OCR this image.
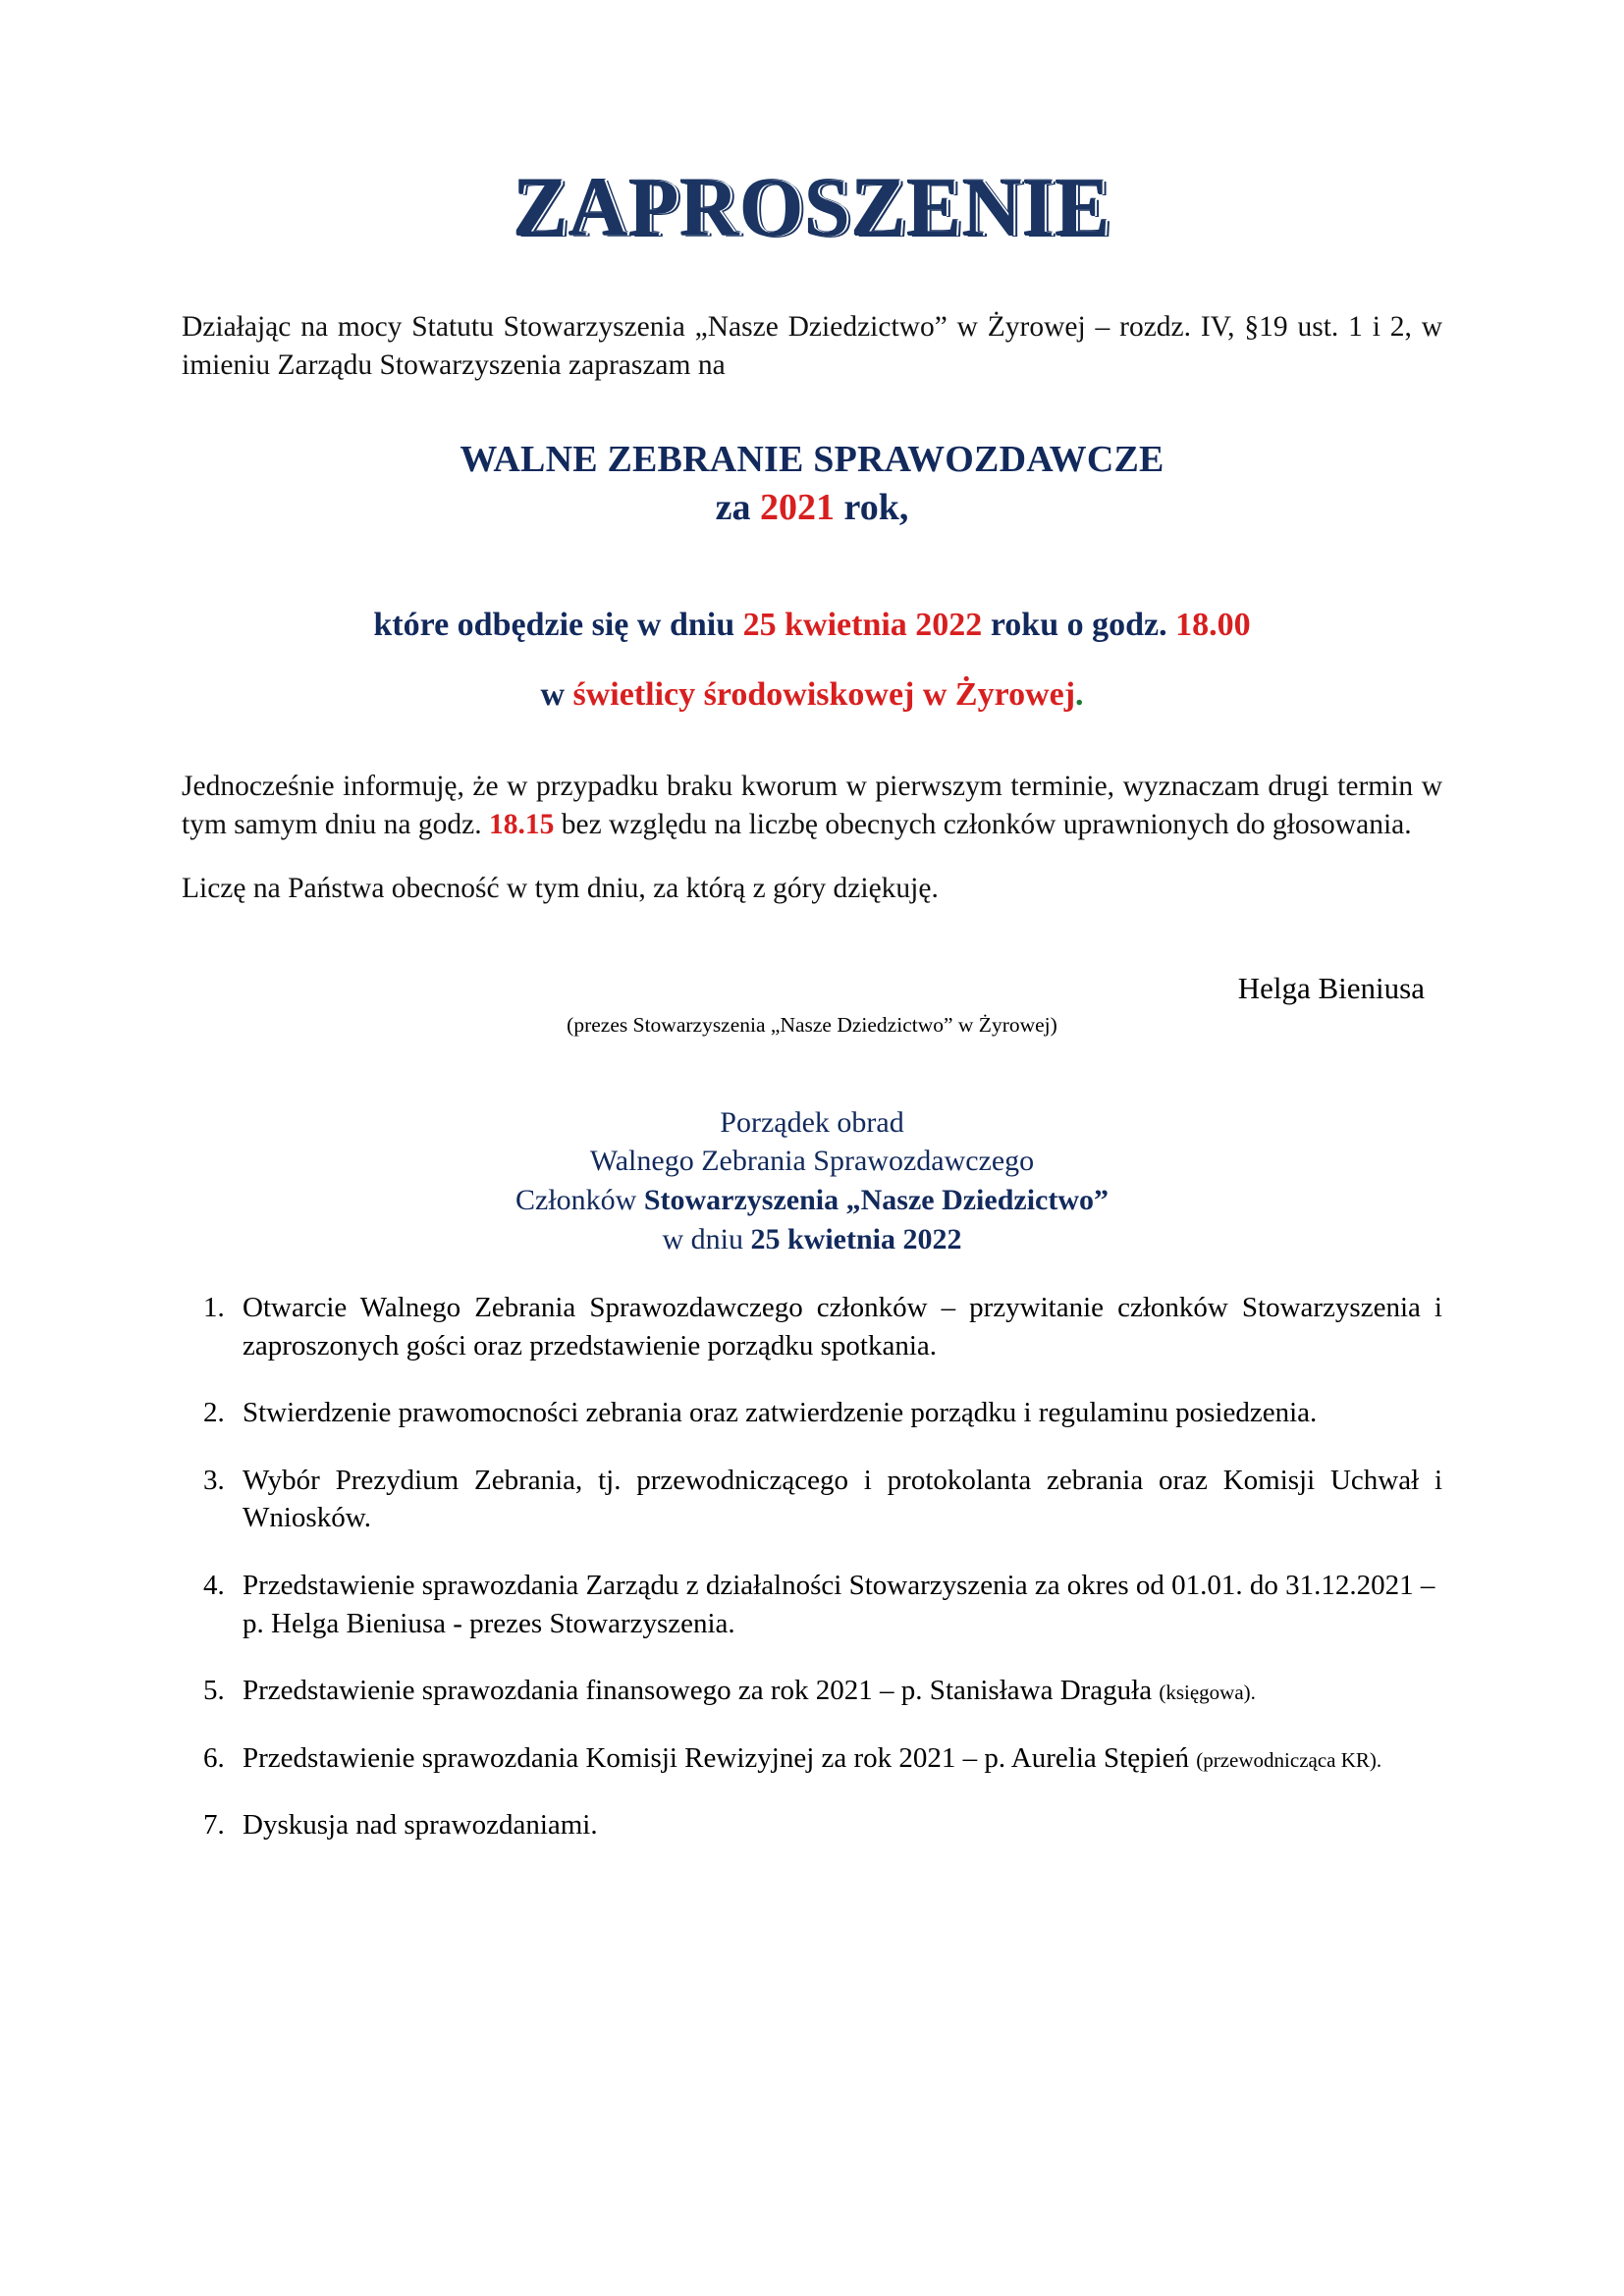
ZAPROSZENIE

Działając na mocy Statutu Stowarzyszenia „Nasze Dziedzictwo” w Żyrowej – rozdz. IV, §19 ust. 1 i 2, w imieniu Zarządu Stowarzyszenia zapraszam na

WALNE ZEBRANIE SPRAWOZDAWCZE
za 2021 rok,
które odbędzie się w dniu 25 kwietnia 2022 roku o godz. 18.00
w świetlicy środowiskowej w Żyrowej.

Jednocześnie informuję, że w przypadku braku kworum w pierwszym terminie, wyznaczam drugi termin w tym samym dniu na godz. 18.15 bez względu na liczbę obecnych członków uprawnionych do głosowania.

Liczę na Państwa obecność w tym dniu, za którą z góry dziękuję.

Helga Bieniusa
(prezes Stowarzyszenia „Nasze Dziedzictwo” w Żyrowej)
Porządek obrad
Walnego Zebrania Sprawozdawczego
Członków Stowarzyszenia „Nasze Dziedzictwo”
w dniu 25 kwietnia 2022
Otwarcie Walnego Zebrania Sprawozdawczego członków – przywitanie członków Stowarzyszenia i zaproszonych gości oraz przedstawienie porządku spotkania.
Stwierdzenie prawomocności zebrania oraz zatwierdzenie porządku i regulaminu posiedzenia.
Wybór Prezydium Zebrania, tj. przewodniczącego i protokolanta zebrania oraz Komisji Uchwał i Wniosków.
Przedstawienie sprawozdania Zarządu z działalności Stowarzyszenia za okres od 01.01. do 31.12.2021 – p. Helga Bieniusa - prezes Stowarzyszenia.
Przedstawienie sprawozdania finansowego za rok 2021 – p. Stanisława Draguła (księgowa).
Przedstawienie sprawozdania Komisji Rewizyjnej za rok 2021 – p. Aurelia Stępień (przewodnicząca KR).
Dyskusja nad sprawozdaniami.
